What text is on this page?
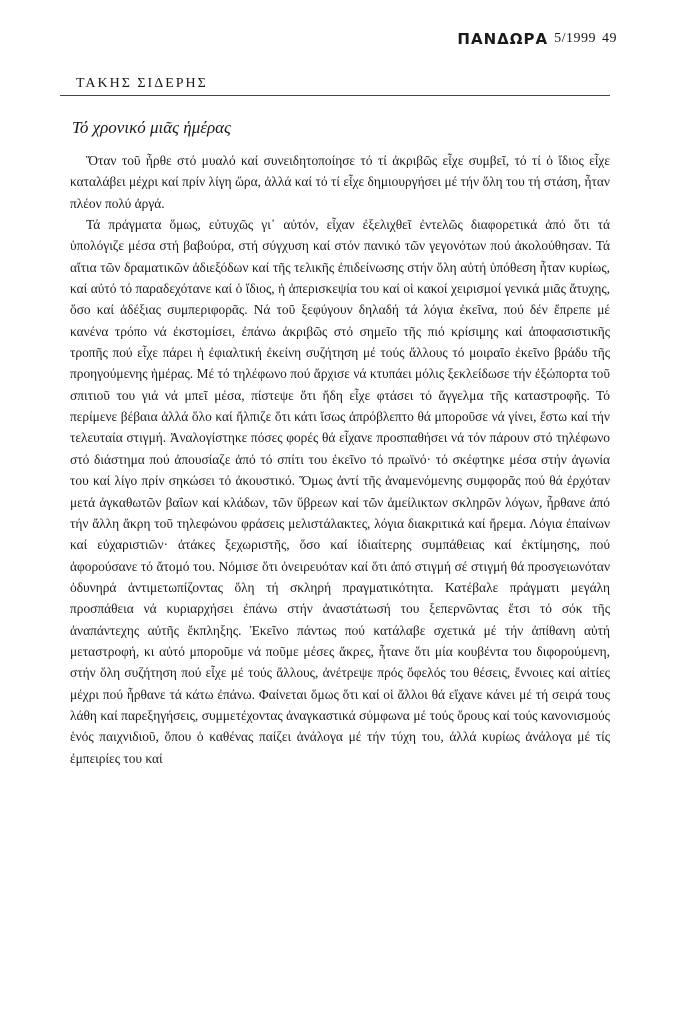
ΠΑΝΔΩΡΑ 5/1999 49
ΤΑΚΗΣ ΣΙΔΕΡΗΣ
Τό χρονικό μιᾶς ἡμέρας

Ὅταν τοῦ ἦρθε στό μυαλό καί συνειδητοποίησε τό τί ἀκριβῶς εἶχε συμβεῖ, τό τί ὁ ἴδιος εἶχε καταλάβει μέχρι καί πρίν λίγη ὥρα, ἀλλά καί τό τί εἶχε δημιουργήσει μέ τήν ὅλη του τή στάση, ἦταν πλέον πολύ ἀργά.

Τά πράγματα ὅμως, εὐτυχῶς γι᾽ αὐτόν, εἶχαν ἐξελιχθεῖ ἐντελῶς διαφορετικά ἀπό ὅτι τά ὑπολόγιζε μέσα στή βαβούρα, στή σύγχυση καί στόν πανικό τῶν γεγονότων πού ἀκολούθησαν. Τά αἴτια τῶν δραματικῶν ἀδιεξόδων καί τῆς τελικῆς ἐπιδείνωσης στήν ὅλη αὐτή ὑπόθεση ἦταν κυρίως, καί αὐτό τό παραδεχότανε καί ὁ ἴδιος, ἡ ἀπερισκεψία του καί οἱ κακοί χειρισμοί γενικά μιᾶς ἄτυχης, ὅσο καί ἀδέξιας συμπεριφορᾶς. Νά τοῦ ξεφύγουν δηλαδή τά λόγια ἐκεῖνα, πού δέν ἔπρεπε μέ κανένα τρόπο νά ἐκστομίσει, ἐπάνω ἀκριβῶς στό σημεῖο τῆς πιό κρίσιμης καί ἀποφασιστικῆς τροπῆς πού εἶχε πάρει ἡ ἐφιαλτική ἐκείνη συζήτηση μέ τούς ἄλλους τό μοιραῖο ἐκεῖνο βράδυ τῆς προηγούμενης ἡμέρας. Μέ τό τηλέφωνο πού ἄρχισε νά κτυπάει μόλις ξεκλείδωσε τήν ἐξώπορτα τοῦ σπιτιοῦ του γιά νά μπεῖ μέσα, πίστεψε ὅτι ἤδη εἶχε φτάσει τό ἄγγελμα τῆς καταστροφῆς. Τό περίμενε βέβαια ἀλλά ὅλο καί ἤλπιζε ὅτι κάτι ἴσως ἀπρόβλεπτο θά μποροῦσε νά γίνει, ἔστω καί τήν τελευταία στιγμή. Ἀναλογίστηκε πόσες φορές θά εἶχανε προσπαθήσει νά τόν πάρουν στό τηλέφωνο στό διάστημα πού ἀπουσίαζε ἀπό τό σπίτι του ἐκεῖνο τό πρωϊνό· τό σκέφτηκε μέσα στήν ἀγωνία του καί λίγο πρίν σηκώσει τό ἀκουστικό. Ὅμως ἀντί τῆς ἀναμενόμενης συμφορᾶς πού θά ἐρχόταν μετά ἀγκαθωτῶν βαΐων καί κλάδων, τῶν ὕβρεων καί τῶν ἀμείλικτων σκληρῶν λόγων, ἦρθανε ἀπό τήν ἄλλη ἄκρη τοῦ τηλεφώνου φράσεις μελιστάλακτες, λόγια διακριτικά καί ἤρεμα. Λόγια ἐπαίνων καί εὐχαριστιῶν· ἀτάκες ξεχωριστῆς, ὅσο καί ἰδιαίτερης συμπάθειας καί ἐκτίμησης, πού ἀφορούσανε τό ἄτομό του. Νόμισε ὅτι ὀνειρευόταν καί ὅτι ἀπό στιγμή σέ στιγμή θά προσγειωνόταν ὀδυνηρά ἀντιμετωπίζοντας ὅλη τή σκληρή πραγματικότητα. Κατέβαλε πράγματι μεγάλη προσπάθεια νά κυριαρχήσει ἐπάνω στήν ἀναστάτωσή του ξεπερνῶντας ἔτσι τό σόκ τῆς ἀναπάντεχης αὐτῆς ἔκπληξης. Ἐκεῖνο πάντως πού κατάλαβε σχετικά μέ τήν ἀπίθανη αὐτή μεταστροφή, κι αὐτό μποροῦμε νά ποῦμε μέσες ἄκρες, ἦτανε ὅτι μία κουβέντα του διφορούμενη, στήν ὅλη συζήτηση πού εἶχε μέ τούς ἄλλους, ἀνέτρεψε πρός ὄφελός του θέσεις, ἔννοιες καί αἰτίες μέχρι πού ἦρθανε τά κάτω ἐπάνω. Φαίνεται ὅμως ὅτι καί οἱ ἄλλοι θά εἴχανε κάνει μέ τή σειρά τους λάθη καί παρεξηγήσεις, συμμετέχοντας ἀναγκαστικά σύμφωνα μέ τούς ὅρους καί τούς κανονισμούς ἑνός παιχνιδιοῦ, ὅπου ὁ καθένας παίζει ἀνάλογα μέ τήν τύχη του, ἀλλά κυρίως ἀνάλογα μέ τίς ἐμπειρίες του καί
